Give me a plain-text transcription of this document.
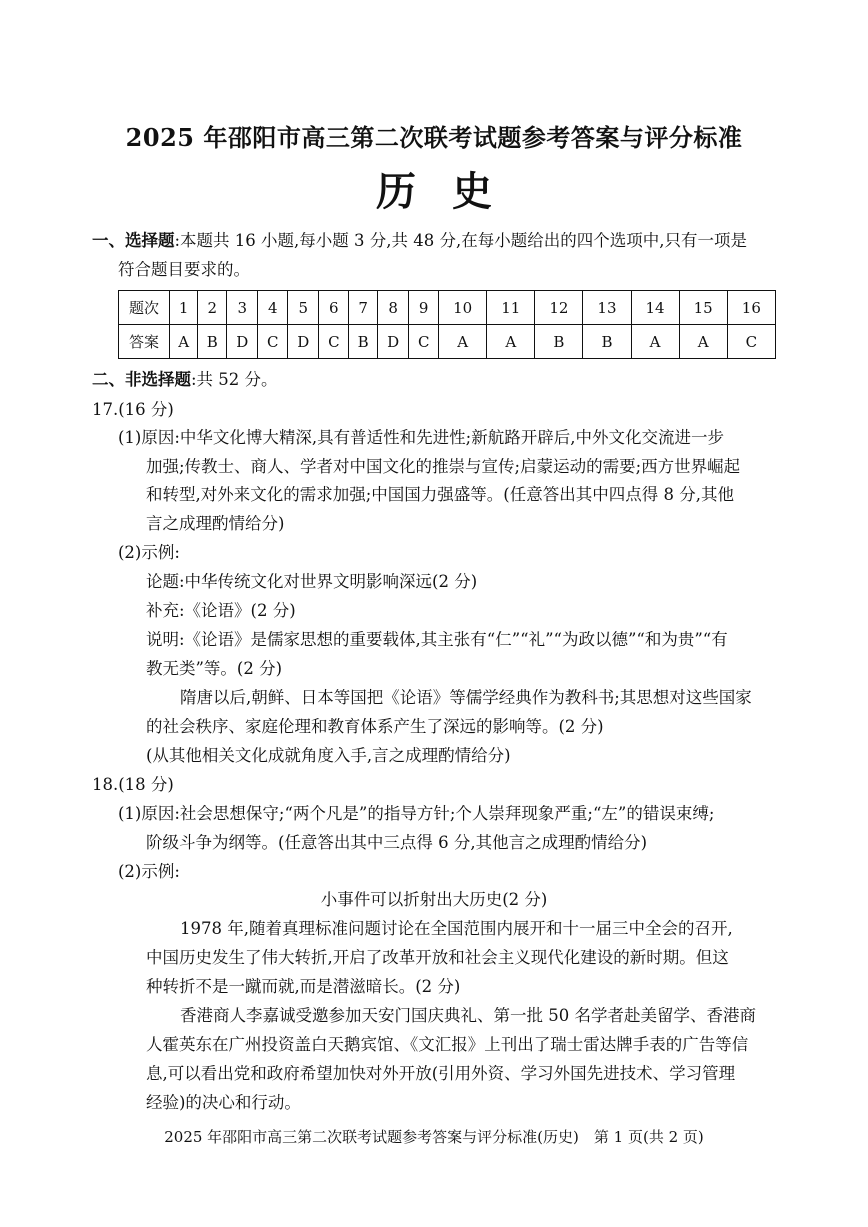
2025 年邵阳市高三第二次联考试题参考答案与评分标准
历史
一、选择题:本题共 16 小题,每小题 3 分,共 48 分,在每小题给出的四个选项中,只有一项是
符合题目要求的。
题次	1	2	3	4	5	6	7	8	9	10	11	12	13	14	15	16
答案	A	B	D	C	D	C	B	D	C	A	A	B	B	A	A	C
二、非选择题:共 52 分。
17.(16 分)
(1)原因:中华文化博大精深,具有普适性和先进性;新航路开辟后,中外文化交流进一步
加强;传教士、商人、学者对中国文化的推崇与宣传;启蒙运动的需要;西方世界崛起
和转型,对外来文化的需求加强;中国国力强盛等。(任意答出其中四点得 8 分,其他
言之成理酌情给分)
(2)示例:
论题:中华传统文化对世界文明影响深远(2 分)
补充:《论语》(2 分)
说明:《论语》是儒家思想的重要载体,其主张有“仁”“礼”“为政以德”“和为贵”“有
教无类”等。(2 分)
隋唐以后,朝鲜、日本等国把《论语》等儒学经典作为教科书;其思想对这些国家
的社会秩序、家庭伦理和教育体系产生了深远的影响等。(2 分)
(从其他相关文化成就角度入手,言之成理酌情给分)
18.(18 分)
(1)原因:社会思想保守;“两个凡是”的指导方针;个人崇拜现象严重;“左”的错误束缚;
阶级斗争为纲等。(任意答出其中三点得 6 分,其他言之成理酌情给分)
(2)示例:
小事件可以折射出大历史(2 分)
1978 年,随着真理标准问题讨论在全国范围内展开和十一届三中全会的召开,
中国历史发生了伟大转折,开启了改革开放和社会主义现代化建设的新时期。但这
种转折不是一蹴而就,而是潜滋暗长。(2 分)
香港商人李嘉诚受邀参加天安门国庆典礼、第一批 50 名学者赴美留学、香港商
人霍英东在广州投资盖白天鹅宾馆、《文汇报》上刊出了瑞士雷达牌手表的广告等信
息,可以看出党和政府希望加快对外开放(引用外资、学习外国先进技术、学习管理
经验)的决心和行动。
2025 年邵阳市高三第二次联考试题参考答案与评分标准(历史)　第 1 页(共 2 页)
